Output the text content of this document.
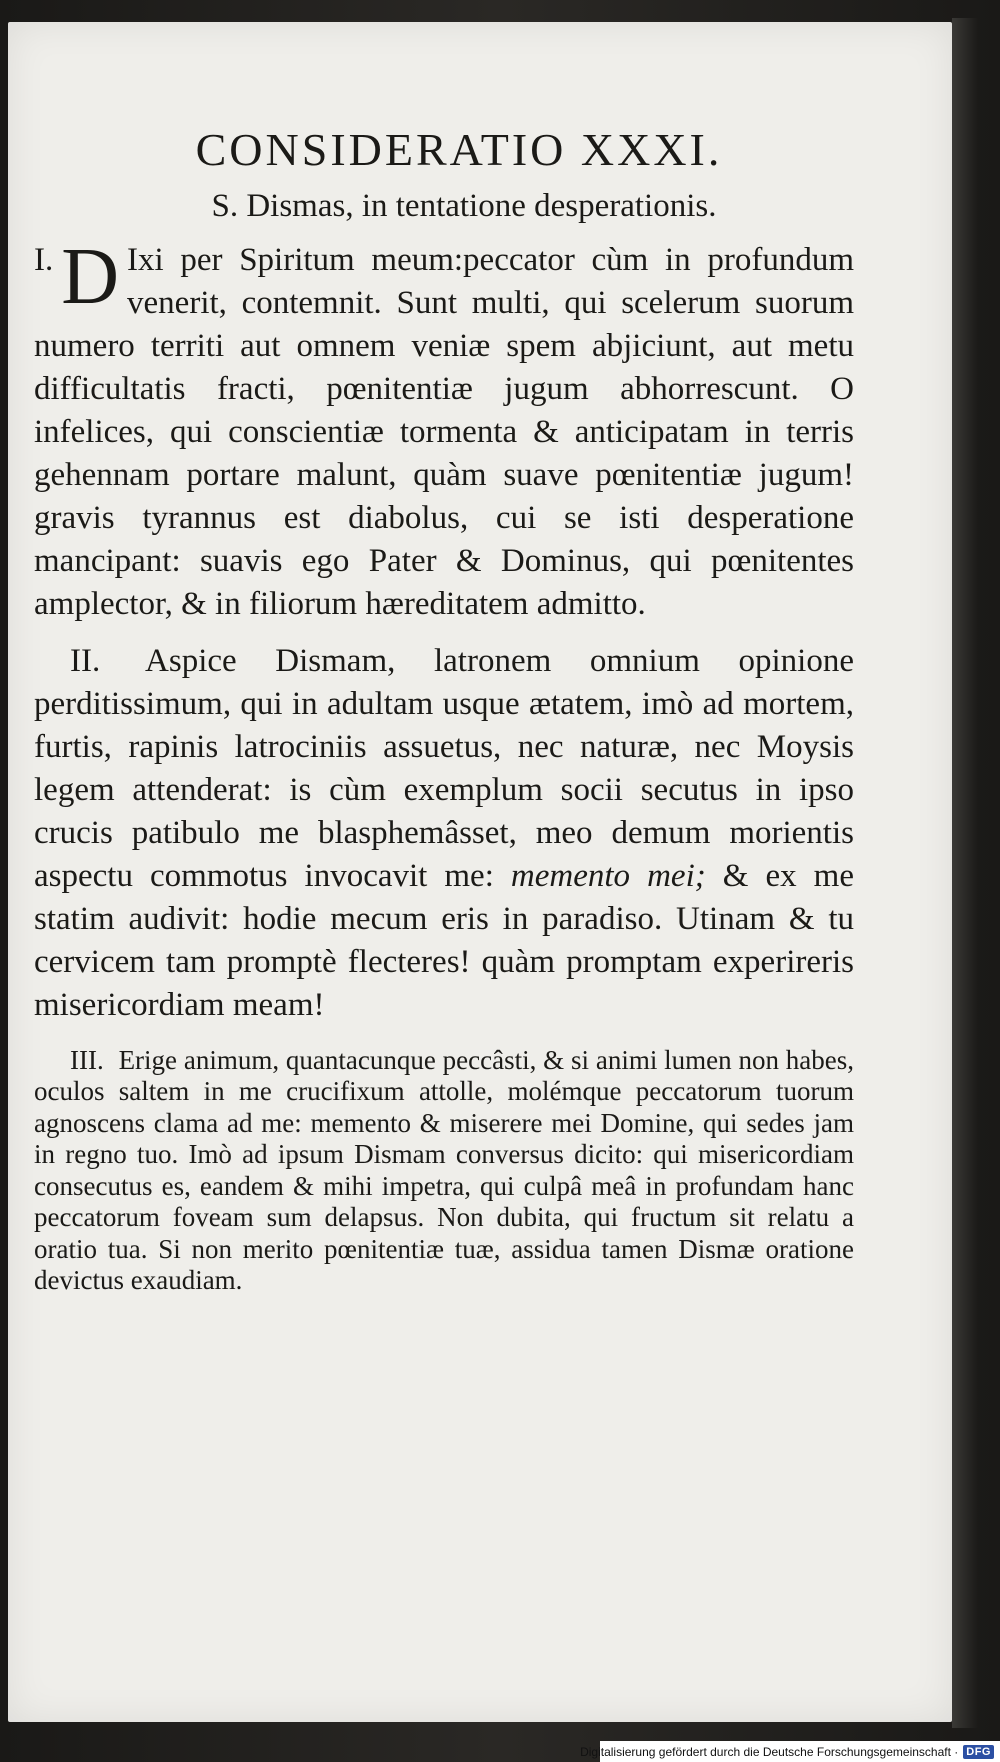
CONSIDERATIO XXXI.
S. Dismas, in tentatione desperationis.

I. D Ixi per Spiritum meum:peccator cùm in profundum venerit, contemnit. Sunt multi, qui scelerum suorum numero territi aut omnem veniæ spem abjiciunt, aut metu difficultatis fracti, pœnitentiæ jugum abhorrescunt. O infelices, qui conscientiæ tormenta & anticipatam in terris gehennam portare malunt, quàm suave pœnitentiæ jugum! gravis tyrannus est diabolus, cui se isti desperatione mancipant: suavis ego Pater & Dominus, qui pœnitentes amplector, & in filiorum hæreditatem admitto.

II. Aspice Dismam, latronem omnium opinione perditissimum, qui in adultam usque ætatem, imò ad mortem, furtis, rapinis latrociniis assuetus, nec naturæ, nec Moysis legem attenderat: is cùm exemplum socii secutus in ipso crucis patibulo me blasphemâsset, meo demum morientis aspectu commotus invocavit me: memento mei; & ex me statim audivit: hodie mecum eris in paradiso. Utinam & tu cervicem tam promptè flecteres! quàm promptam experireris misericordiam meam!

III. Erige animum, quantacunque peccâsti, & si animi lumen non habes, oculos saltem in me crucifixum attolle, molémque peccatorum tuorum agnoscens clama ad me: memento & miserere mei Domine, qui sedes jam in regno tuo. Imò ad ipsum Dismam conversus dicito: qui misericordiam consecutus es, eandem & mihi impetra, qui culpâ meâ in profundam hanc peccatorum foveam sum delapsus. Non dubita, qui fructum sit relatu a oratio tua. Si non merito pœnitentiæ tuæ, assidua tamen Dismæ oratione devictus exaudiam.

Digitalisierung gefördert durch die Deutsche Forschungsgemeinschaft · DFG
